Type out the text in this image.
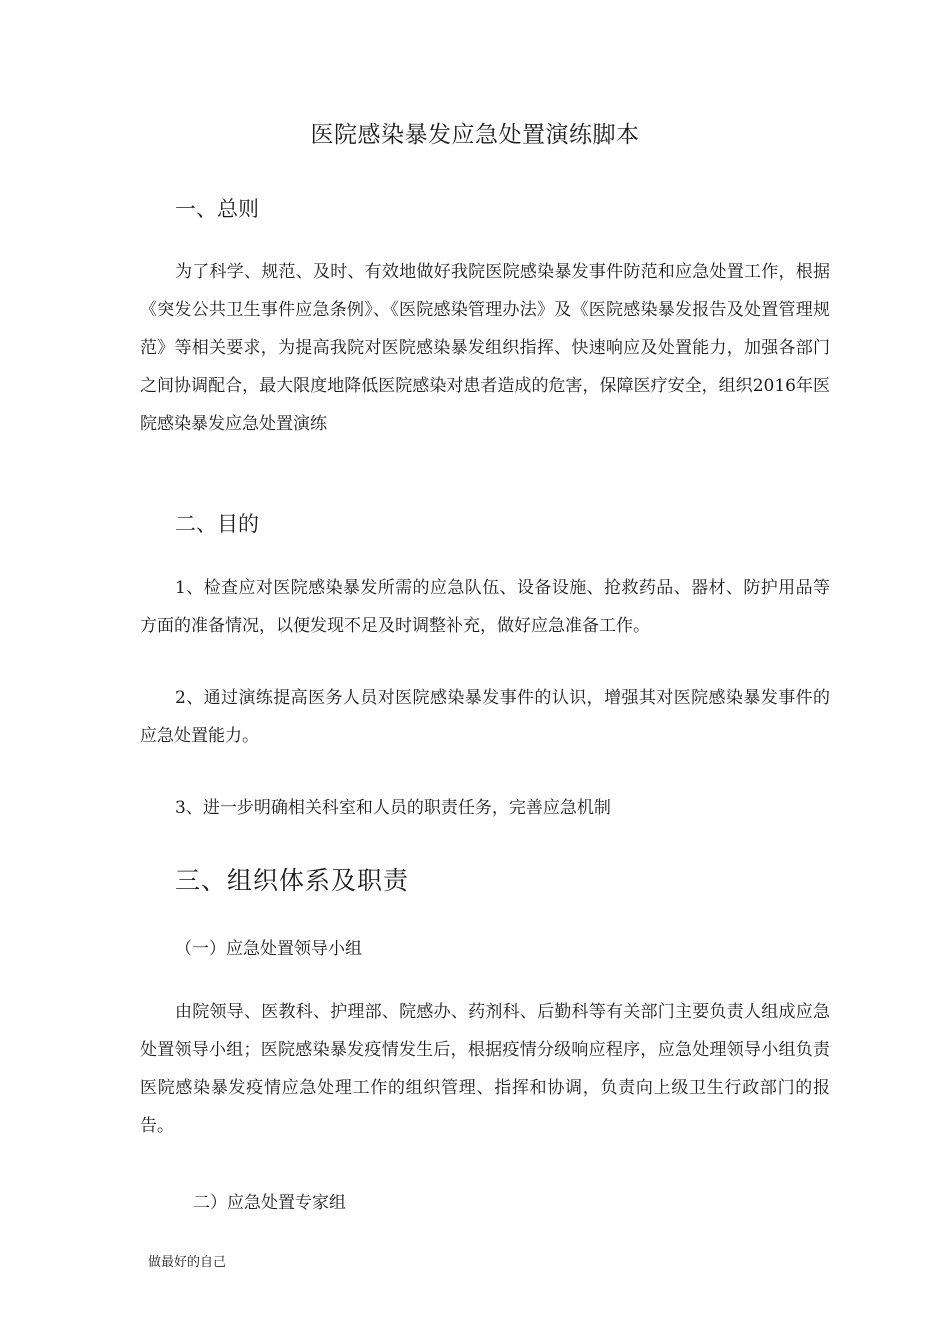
医院感染暴发应急处置演练脚本
一、总则

为了科学、规范、及时、有效地做好我院医院感染暴发事件防范和应急处置工作，根据《突发公共卫生事件应急条例》、《医院感染管理办法》及《医院感染暴发报告及处置管理规范》等相关要求，为提高我院对医院感染暴发组织指挥、快速响应及处置能力，加强各部门之间协调配合，最大限度地降低医院感染对患者造成的危害，保障医疗安全，组织2016年医院感染暴发应急处置演练

二、目的

1、检查应对医院感染暴发所需的应急队伍、设备设施、抢救药品、器材、防护用品等方面的准备情况，以便发现不足及时调整补充，做好应急准备工作。

2、通过演练提高医务人员对医院感染暴发事件的认识，增强其对医院感染暴发事件的应急处置能力。

3、进一步明确相关科室和人员的职责任务，完善应急机制

三、组织体系及职责
（一）应急处置领导小组

由院领导、医教科、护理部、院感办、药剂科、后勤科等有关部门主要负责人组成应急处置领导小组；医院感染暴发疫情发生后，根据疫情分级响应程序，应急处理领导小组负责医院感染暴发疫情应急处理工作的组织管理、指挥和协调，负责向上级卫生行政部门的报告。

二）应急处置专家组
做最好的自己
